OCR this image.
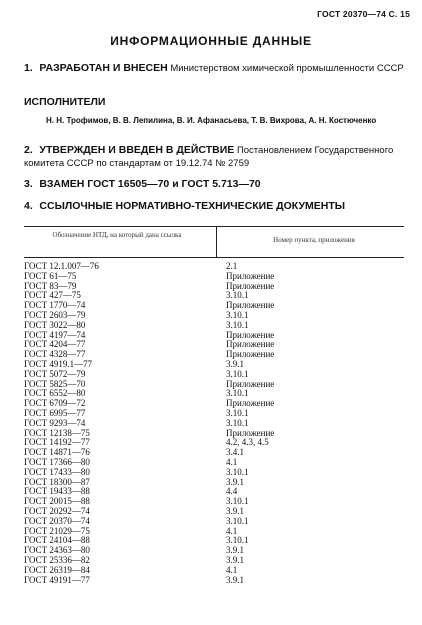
ГОСТ 20370—74 С. 15
ИНФОРМАЦИОННЫЕ ДАННЫЕ
1. РАЗРАБОТАН И ВНЕСЕН Министерством химической промышленности СССР
ИСПОЛНИТЕЛИ
Н. Н. Трофимов, В. В. Лепилина, В. И. Афанасьева, Т. В. Вихрова, А. Н. Костюченко
2. УТВЕРЖДЕН И ВВЕДЕН В ДЕЙСТВИЕ Постановлением Государственного комитета СССР по стандартам от 19.12.74 № 2759
3. ВЗАМЕН ГОСТ 16505—70 и ГОСТ 5.713—70
4. ССЫЛОЧНЫЕ НОРМАТИВНО-ТЕХНИЧЕСКИЕ ДОКУМЕНТЫ
Обозначение НТД, на который дана ссылка
Номер пункта, приложения
ГОСТ 12.1.007—76	2.1
ГОСТ 61—75	Приложение
ГОСТ 83—79	Приложение
ГОСТ 427—75	3.10.1
ГОСТ 1770—74	Приложение
ГОСТ 2603—79	3.10.1
ГОСТ 3022—80	3.10.1
ГОСТ 4197—74	Приложение
ГОСТ 4204—77	Приложение
ГОСТ 4328—77	Приложение
ГОСТ 4919.1—77	3.9.1
ГОСТ 5072—79	3.10.1
ГОСТ 5825—70	Приложение
ГОСТ 6552—80	3.10.1
ГОСТ 6709—72	Приложение
ГОСТ 6995—77	3.10.1
ГОСТ 9293—74	3.10.1
ГОСТ 12138—75	Приложение
ГОСТ 14192—77	4.2, 4.3, 4.5
ГОСТ 14871—76	3.4.1
ГОСТ 17366—80	4.1
ГОСТ 17433—80	3.10.1
ГОСТ 18300—87	3.9.1
ГОСТ 19433—88	4.4
ГОСТ 20015—88	3.10.1
ГОСТ 20292—74	3.9.1
ГОСТ 20370—74	3.10.1
ГОСТ 21029—75	4.1
ГОСТ 24104—88	3.10.1
ГОСТ 24363—80	3.9.1
ГОСТ 25336—82	3.9.1
ГОСТ 26319—84	4.1
ГОСТ 49191—77	3.9.1
